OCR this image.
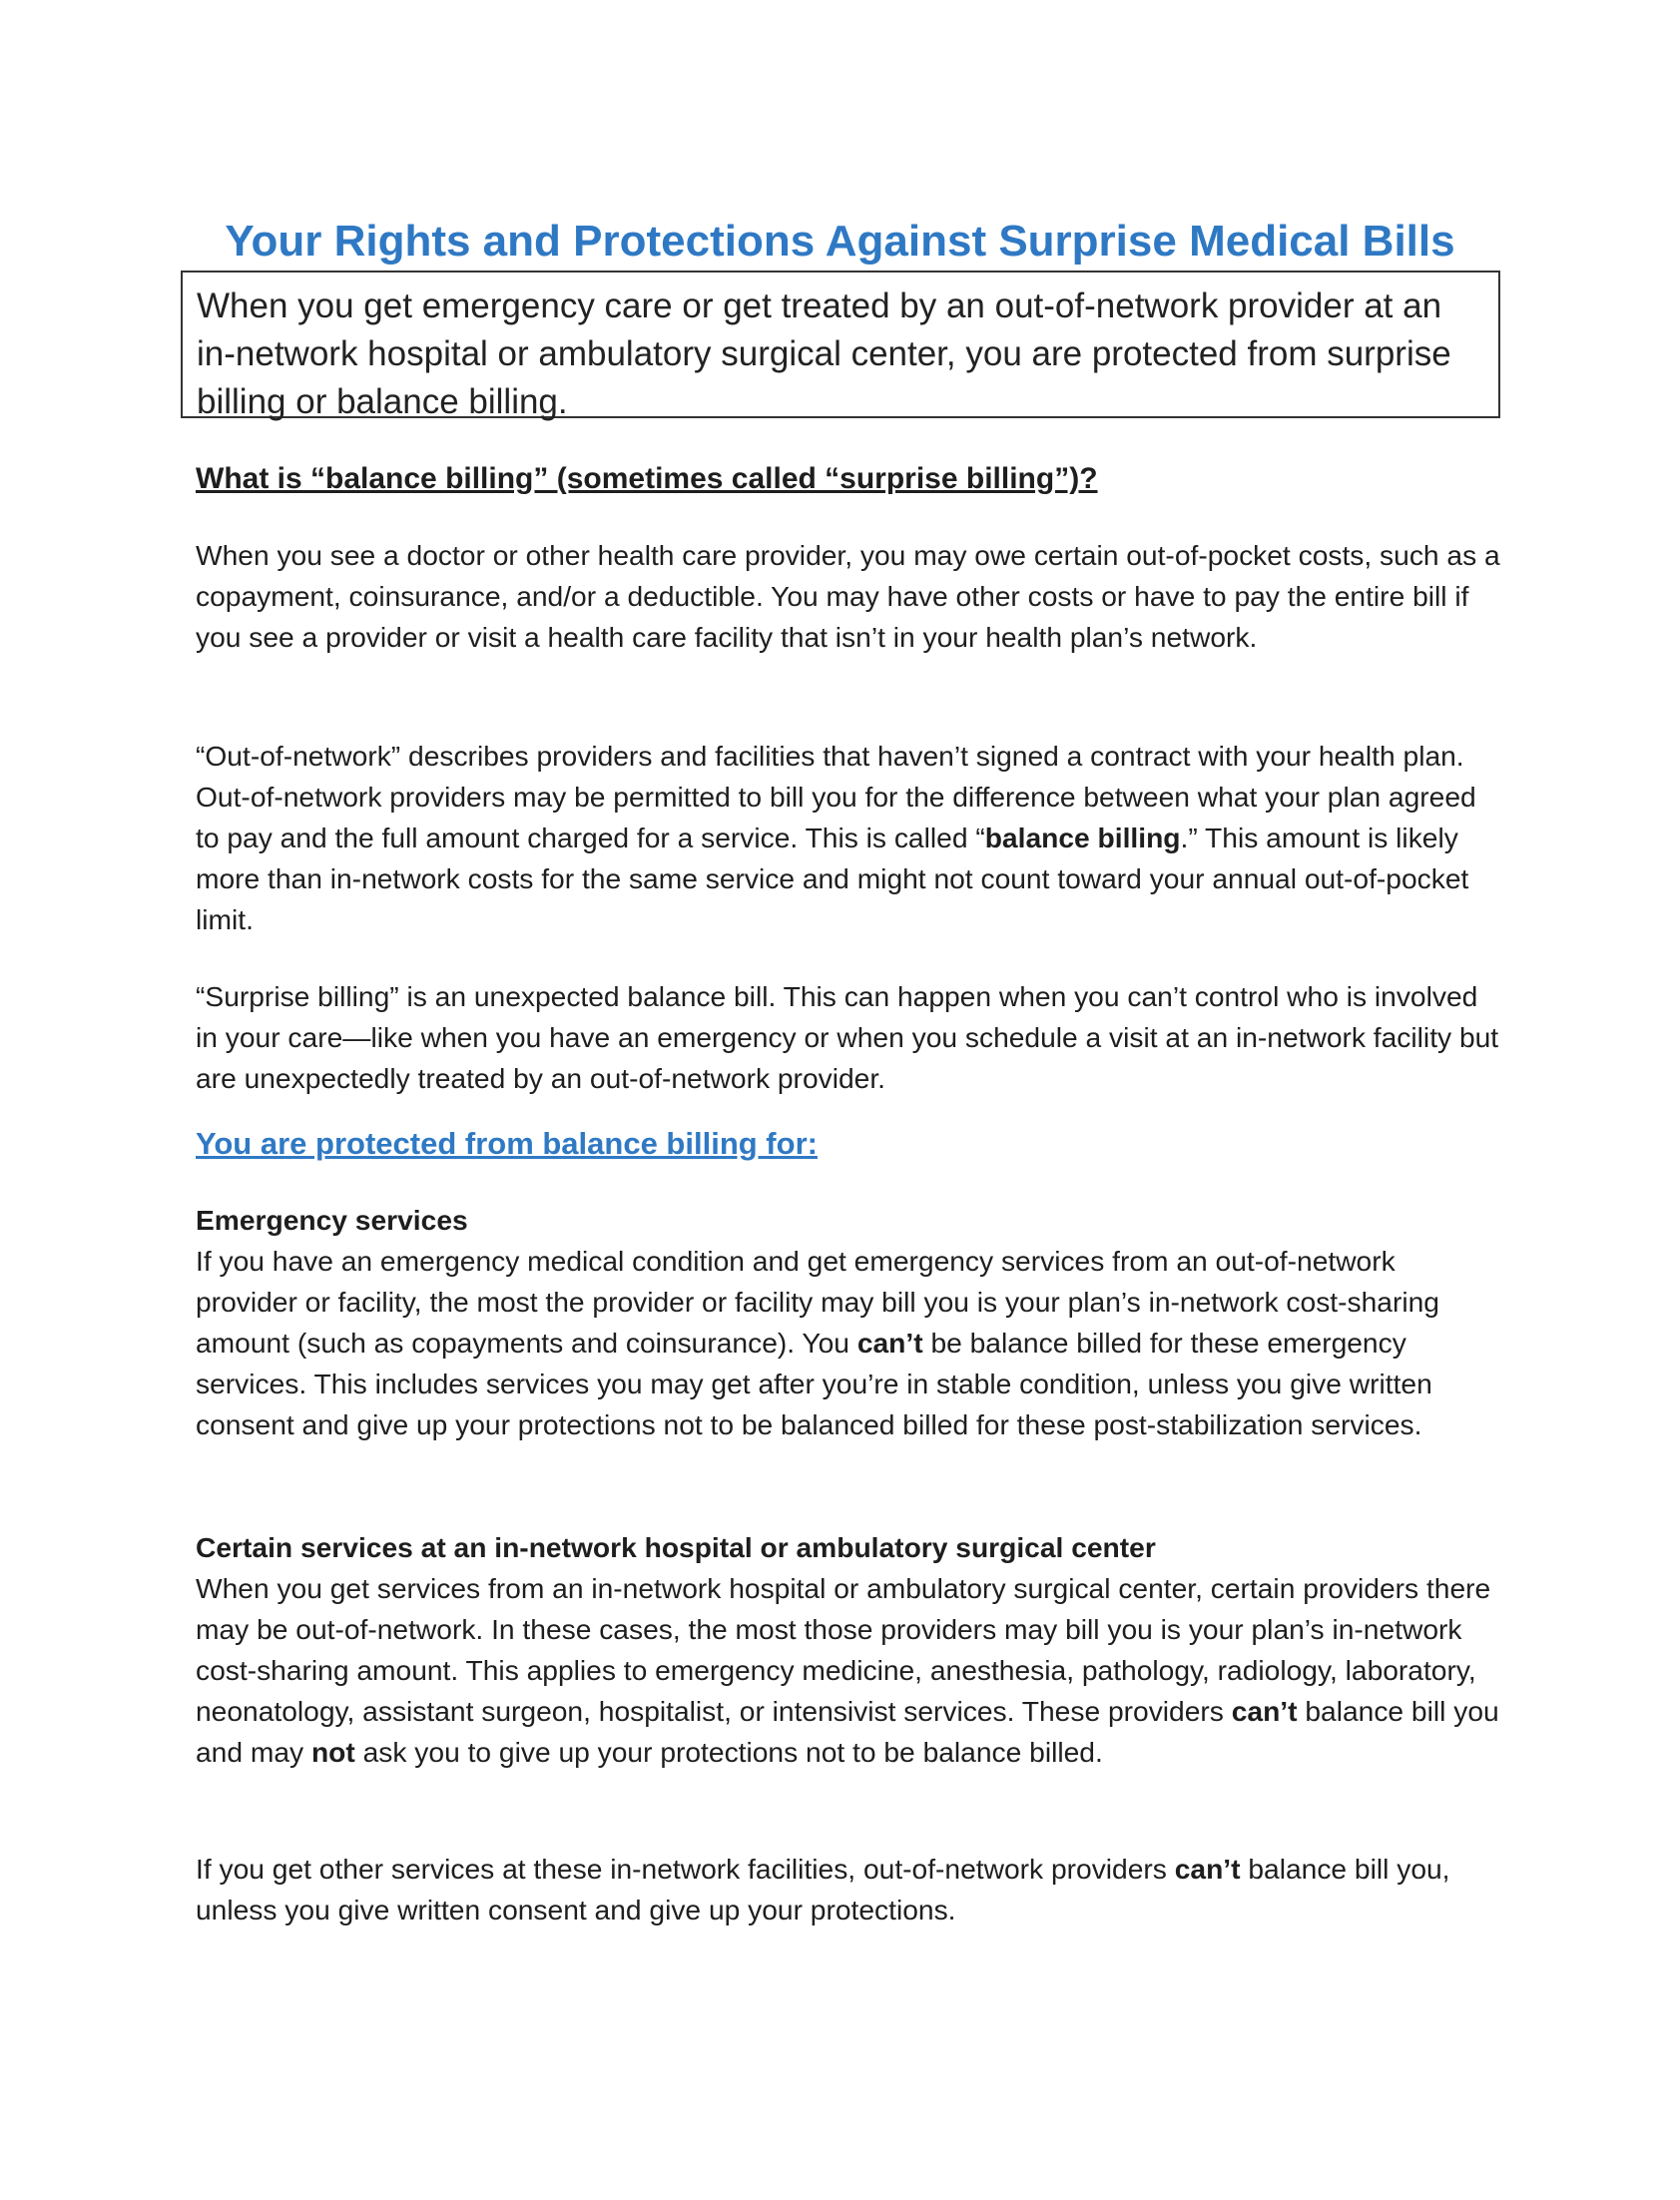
Your Rights and Protections Against Surprise Medical Bills
When you get emergency care or get treated by an out-of-network provider at an in-network hospital or ambulatory surgical center, you are protected from surprise billing or balance billing.
What is “balance billing” (sometimes called “surprise billing”)?

When you see a doctor or other health care provider, you may owe certain out-of-pocket costs, such as a copayment, coinsurance, and/or a deductible. You may have other costs or have to pay the entire bill if you see a provider or visit a health care facility that isn’t in your health plan’s network.

“Out-of-network” describes providers and facilities that haven’t signed a contract with your health plan. Out-of-network providers may be permitted to bill you for the difference between what your plan agreed to pay and the full amount charged for a service. This is called “balance billing.” This amount is likely more than in-network costs for the same service and might not count toward your annual out-of-pocket limit.

“Surprise billing” is an unexpected balance bill. This can happen when you can’t control who is involved in your care—like when you have an emergency or when you schedule a visit at an in-network facility but are unexpectedly treated by an out-of-network provider.

You are protected from balance billing for:

Emergency services
If you have an emergency medical condition and get emergency services from an out-of-network provider or facility, the most the provider or facility may bill you is your plan’s in-network cost-sharing amount (such as copayments and coinsurance). You can’t be balance billed for these emergency services. This includes services you may get after you’re in stable condition, unless you give written consent and give up your protections not to be balanced billed for these post-stabilization services.

Certain services at an in-network hospital or ambulatory surgical center
When you get services from an in-network hospital or ambulatory surgical center, certain providers there may be out-of-network. In these cases, the most those providers may bill you is your plan’s in-network cost-sharing amount. This applies to emergency medicine, anesthesia, pathology, radiology, laboratory, neonatology, assistant surgeon, hospitalist, or intensivist services. These providers can’t balance bill you and may not ask you to give up your protections not to be balance billed.

If you get other services at these in-network facilities, out-of-network providers can’t balance bill you, unless you give written consent and give up your protections.
